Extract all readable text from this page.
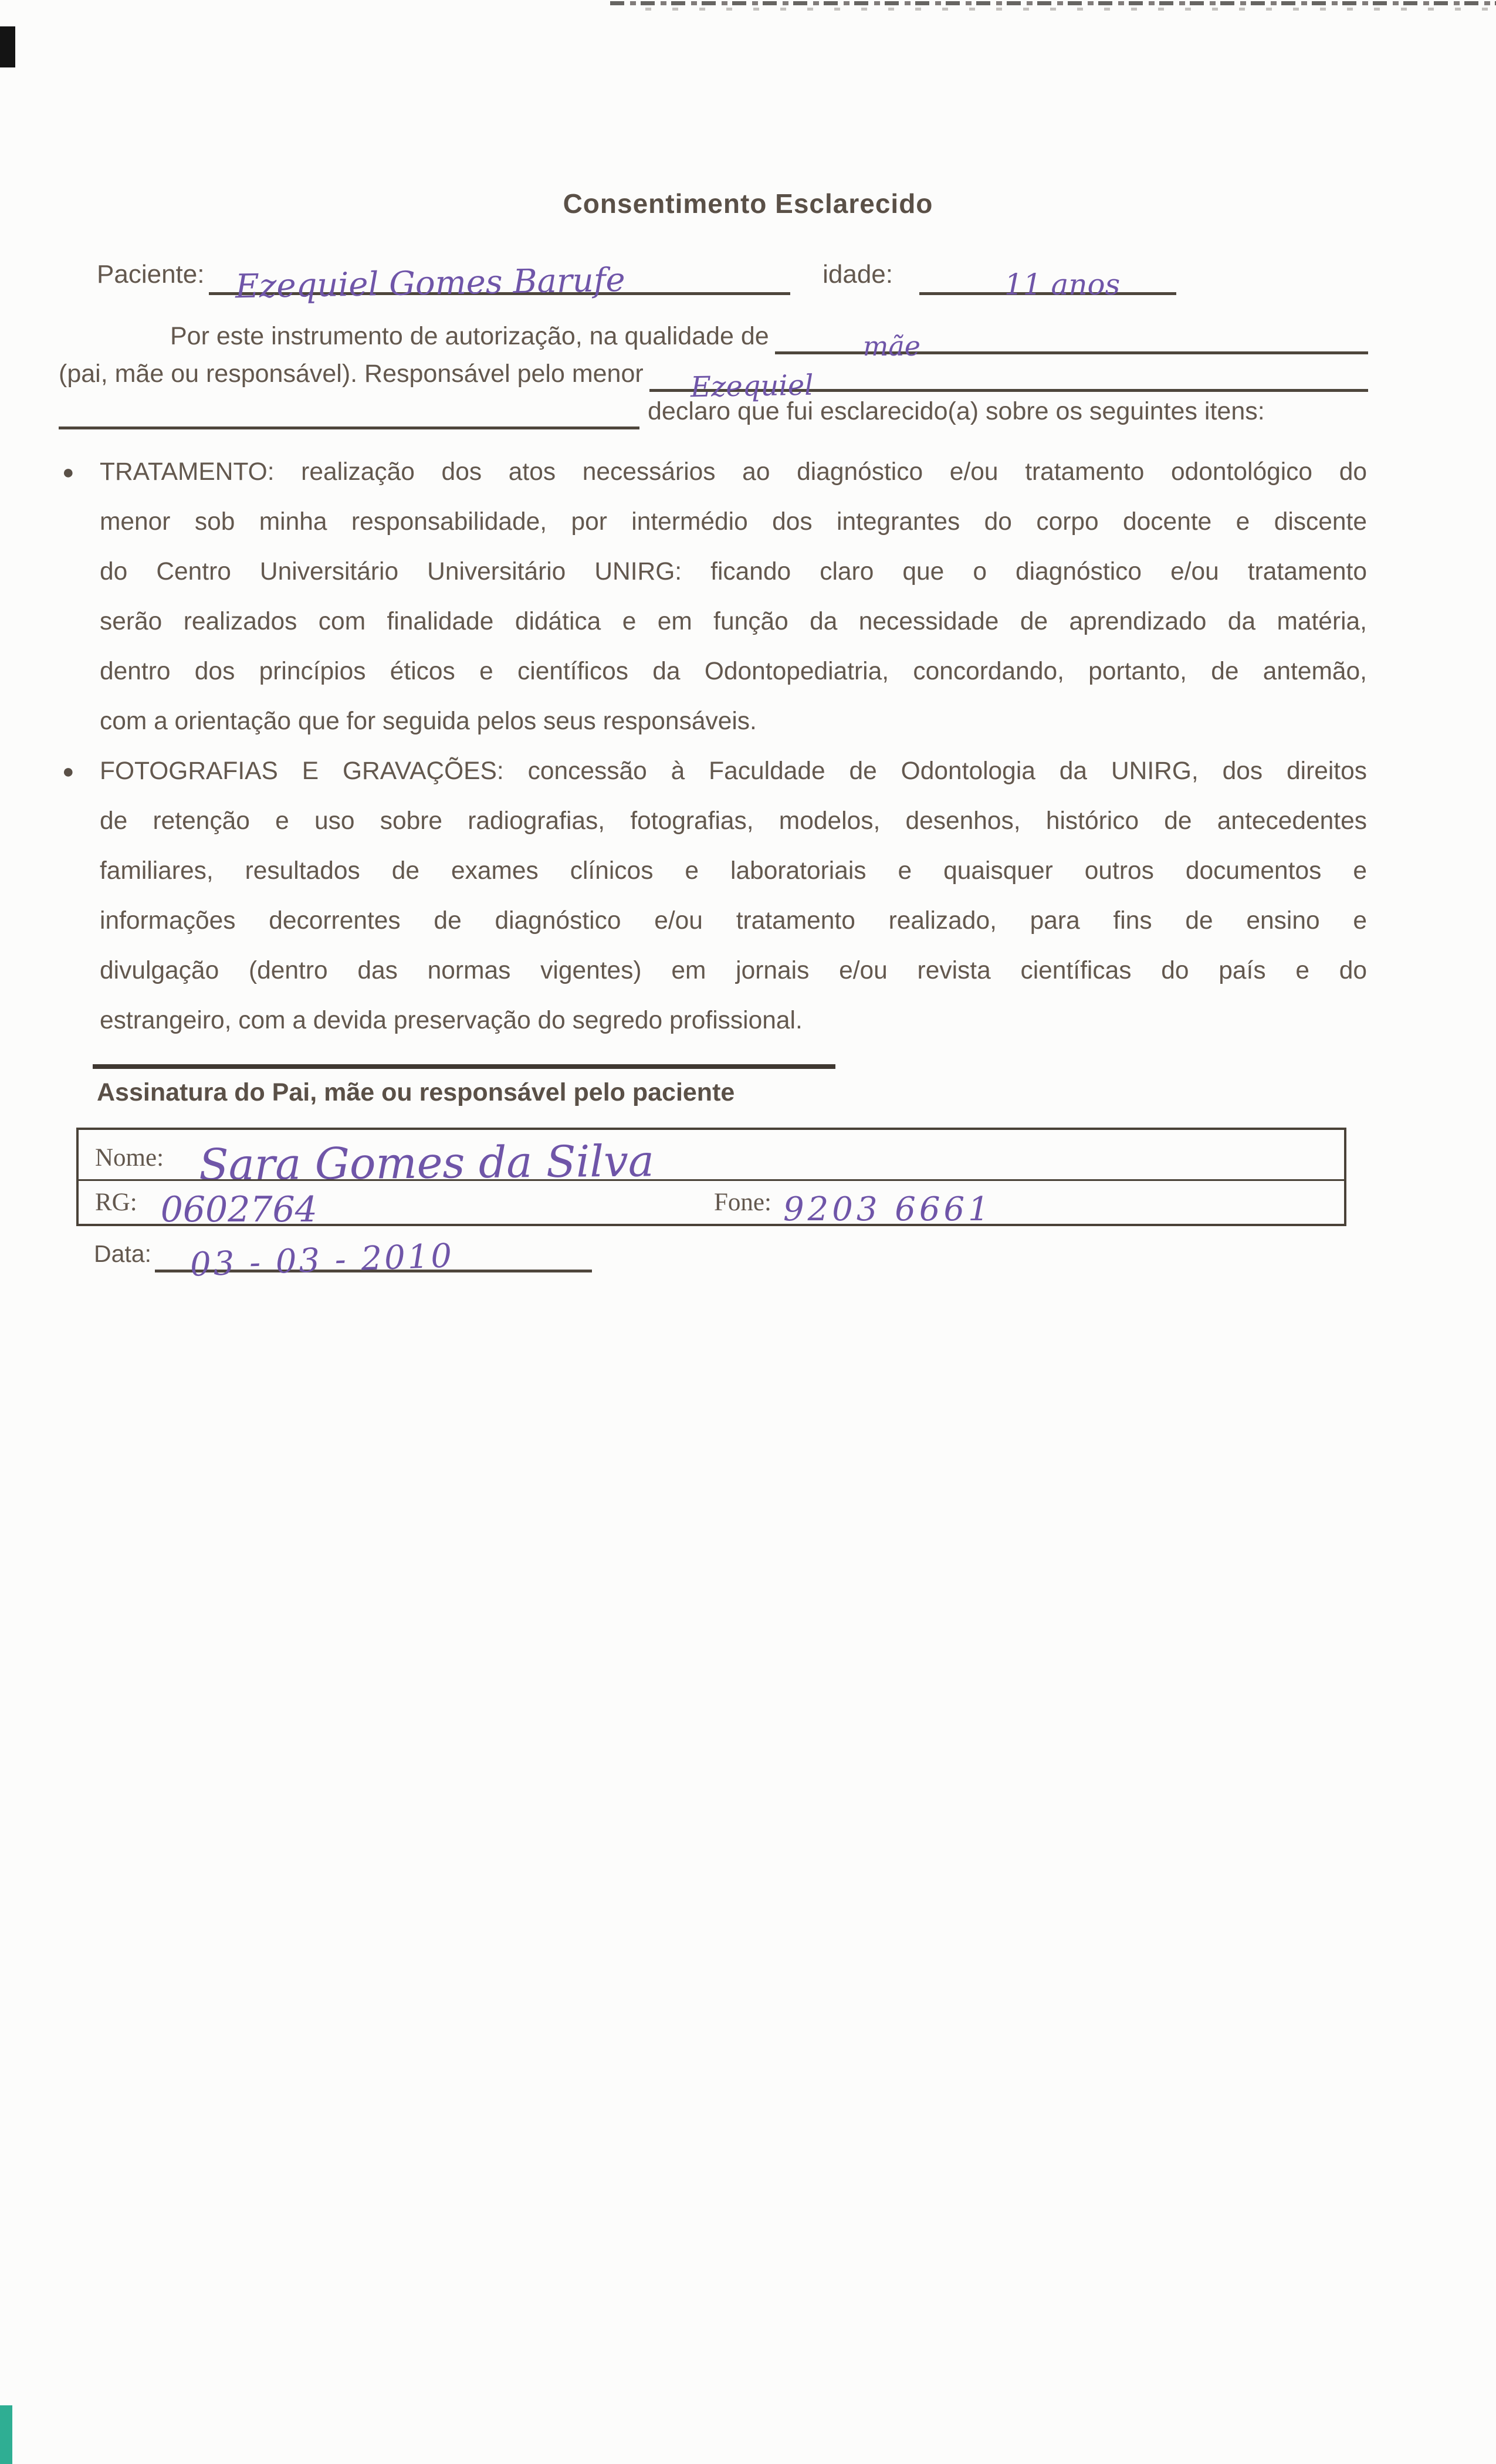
Consentimento Esclarecido
Paciente: Ezequiel Gomes Barufe	idade:	11 anos
Por este instrumento de autorização, na qualidade de	mãe
(pai, mãe ou responsável). Responsável pelo menor	Ezequiel
declaro que fui esclarecido(a) sobre os seguintes itens:
● TRATAMENTO: realização dos atos necessários ao diagnóstico e/ou tratamento odontológico do
menor sob minha responsabilidade, por intermédio dos integrantes do corpo docente e discente
do Centro Universitário Universitário UNIRG: ficando claro que o diagnóstico e/ou tratamento
serão realizados com finalidade didática e em função da necessidade de aprendizado da matéria,
dentro dos princípios éticos e científicos da Odontopediatria, concordando, portanto, de antemão,
com a orientação que for seguida pelos seus responsáveis.
● FOTOGRAFIAS E GRAVAÇÕES: concessão à Faculdade de Odontologia da UNIRG, dos direitos
de retenção e uso sobre radiografias, fotografias, modelos, desenhos, histórico de antecedentes
familiares, resultados de exames clínicos e laboratoriais e quaisquer outros documentos e
informações decorrentes de diagnóstico e/ou tratamento realizado, para fins de ensino e
divulgação (dentro das normas vigentes) em jornais e/ou revista científicas do país e do
estrangeiro, com a devida preservação do segredo profissional.
Assinatura do Pai, mãe ou responsável pelo paciente
Nome: Sara Gomes da Silva
RG: 0602764	Fone: 9203 6661
Data:	03 - 03 - 2010
